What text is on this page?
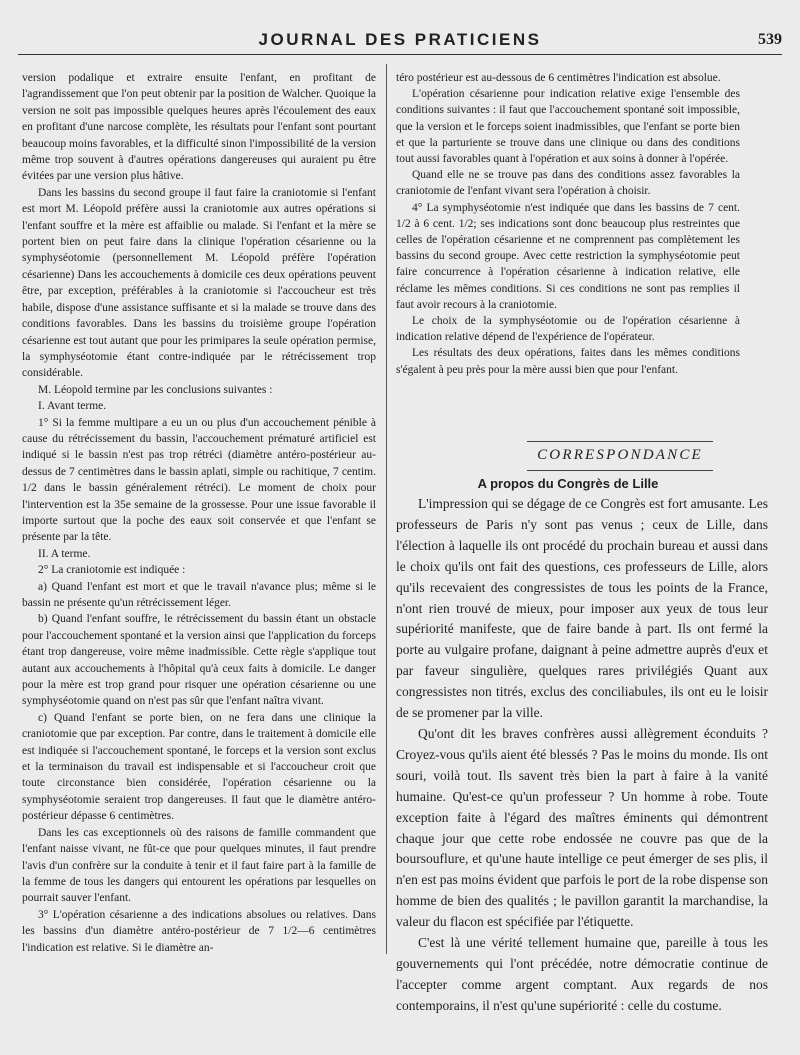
JOURNAL DES PRATICIENS	539

version podalique et extraire ensuite l'enfant, en profitant de l'agrandissement que l'on peut obtenir par la position de Walcher. Quoique la version ne soit pas impossible quelques heures après l'écoulement des eaux en profitant d'une narcose complète, les résultats pour l'enfant sont pourtant beaucoup moins favorables, et la difficulté sinon l'impossibilité de la version même trop souvent à d'autres opérations dangereuses qui auraient pu être évitées par une version plus hâtive.

Dans les bassins du second groupe il faut faire la craniotomie si l'enfant est mort M. Léopold préfère aussi la craniotomie aux autres opérations si l'enfant souffre et la mère est affaiblie ou malade. Si l'enfant et la mère se portent bien on peut faire dans la clinique l'opération césarienne ou la symphyséotomie (personnellement M. Léopold préfère l'opération césarienne) Dans les accouchements à domicile ces deux opérations peuvent être, par exception, préférables à la craniotomie si l'accoucheur est très habile, dispose d'une assistance suffisante et si la malade se trouve dans des conditions favorables. Dans les bassins du troisième groupe l'opération césarienne est tout autant que pour les primipares la seule opération permise, la symphyséotomie étant contre-indiquée par le rétrécissement trop considérable.

M. Léopold termine par les conclusions suivantes :

I. Avant terme.

1° Si la femme multipare a eu un ou plus d'un accouchement pénible à cause du rétrécissement du bassin, l'accouchement prématuré artificiel est indiqué si le bassin n'est pas trop rétréci (diamètre antéro-postérieur au-dessus de 7 centimètres dans le bassin aplati, simple ou rachitique, 7 centim. 1/2 dans le bassin généralement rétréci). Le moment de choix pour l'intervention est la 35e semaine de la grossesse. Pour une issue favorable il importe surtout que la poche des eaux soit conservée et que l'enfant se présente par la tête.

II. A terme.

2° La craniotomie est indiquée :

a) Quand l'enfant est mort et que le travail n'avance plus; même si le bassin ne présente qu'un rétrécissement léger.

b) Quand l'enfant souffre, le rétrécissement du bassin étant un obstacle pour l'accouchement spontané et la version ainsi que l'application du forceps étant trop dangereuse, voire même inadmissible. Cette règle s'applique tout autant aux accouchements à l'hôpital qu'à ceux faits à domicile. Le danger pour la mère est trop grand pour risquer une opération césarienne ou une symphyséotomie quand on n'est pas sûr que l'enfant naîtra vivant.

c) Quand l'enfant se porte bien, on ne fera dans une clinique la craniotomie que par exception. Par contre, dans le traitement à domicile elle est indiquée si l'accouchement spontané, le forceps et la version sont exclus et la terminaison du travail est indispensable et si l'accoucheur croit que toute circonstance bien considérée, l'opération césarienne ou la symphyséotomie seraient trop dangereuses. Il faut que le diamètre antéro-postérieur dépasse 6 centimètres.

Dans les cas exceptionnels où des raisons de famille commandent que l'enfant naisse vivant, ne fût-ce que pour quelques minutes, il faut prendre l'avis d'un confrère sur la conduite à tenir et il faut faire part à la famille de la femme de tous les dangers qui entourent les opérations par lesquelles on pourrait sauver l'enfant.

3° L'opération césarienne a des indications absolues ou relatives. Dans les bassins d'un diamètre antéro-postérieur de 7 1/2—6 centimètres l'indication est relative. Si le diamètre an-

téro postérieur est au-dessous de 6 centimètres l'indication est absolue.

L'opération césarienne pour indication relative exige l'ensemble des conditions suivantes : il faut que l'accouchement spontané soit impossible, que la version et le forceps soient inadmissibles, que l'enfant se porte bien et que la parturiente se trouve dans une clinique ou dans des conditions tout aussi favorables quant à l'opération et aux soins à donner à l'opérée.

Quand elle ne se trouve pas dans des conditions assez favorables la craniotomie de l'enfant vivant sera l'opération à choisir.

4° La symphyséotomie n'est indiquée que dans les bassins de 7 cent. 1/2 à 6 cent. 1/2; ses indications sont donc beaucoup plus restreintes que celles de l'opération césarienne et ne comprennent pas complètement les bassins du second groupe. Avec cette restriction la symphyséotomie peut faire concurrence à l'opération césarienne à indication relative, elle réclame les mêmes conditions. Si ces conditions ne sont pas remplies il faut avoir recours à la craniotomie.

Le choix de la symphyséotomie ou de l'opération césarienne à indication relative dépend de l'expérience de l'opérateur.

Les résultats des deux opérations, faites dans les mêmes conditions s'égalent à peu près pour la mère aussi bien que pour l'enfant.

CORRESPONDANCE
A propos du Congrès de Lille

L'impression qui se dégage de ce Congrès est fort amusante. Les professeurs de Paris n'y sont pas venus ; ceux de Lille, dans l'élection à laquelle ils ont procédé du prochain bureau et aussi dans le choix qu'ils ont fait des questions, ces professeurs de Lille, alors qu'ils recevaient des congressistes de tous les points de la France, n'ont rien trouvé de mieux, pour imposer aux yeux de tous leur supériorité manifeste, que de faire bande à part. Ils ont fermé la porte au vulgaire profane, daignant à peine admettre auprès d'eux et par faveur singulière, quelques rares privilégiés Quant aux congressistes non titrés, exclus des conciliabules, ils ont eu le loisir de se promener par la ville.

Qu'ont dit les braves confrères aussi allègrement éconduits ? Croyez-vous qu'ils aient été blessés ? Pas le moins du monde. Ils ont souri, voilà tout. Ils savent très bien la part à faire à la vanité humaine. Qu'est-ce qu'un professeur ? Un homme à robe. Toute exception faite à l'égard des maîtres éminents qui démontrent chaque jour que cette robe endossée ne couvre pas que de la boursouflure, et qu'une haute intellige ce peut émerger de ses plis, il n'en est pas moins évident que parfois le port de la robe dispense son homme de bien des qualités ; le pavillon garantit la marchandise, la valeur du flacon est spécifiée par l'étiquette.

C'est là une vérité tellement humaine que, pareille à tous les gouvernements qui l'ont précédée, notre démocratie continue de l'accepter comme argent comptant. Aux regards de nos contemporains, il n'est qu'une supériorité : celle du costume.
